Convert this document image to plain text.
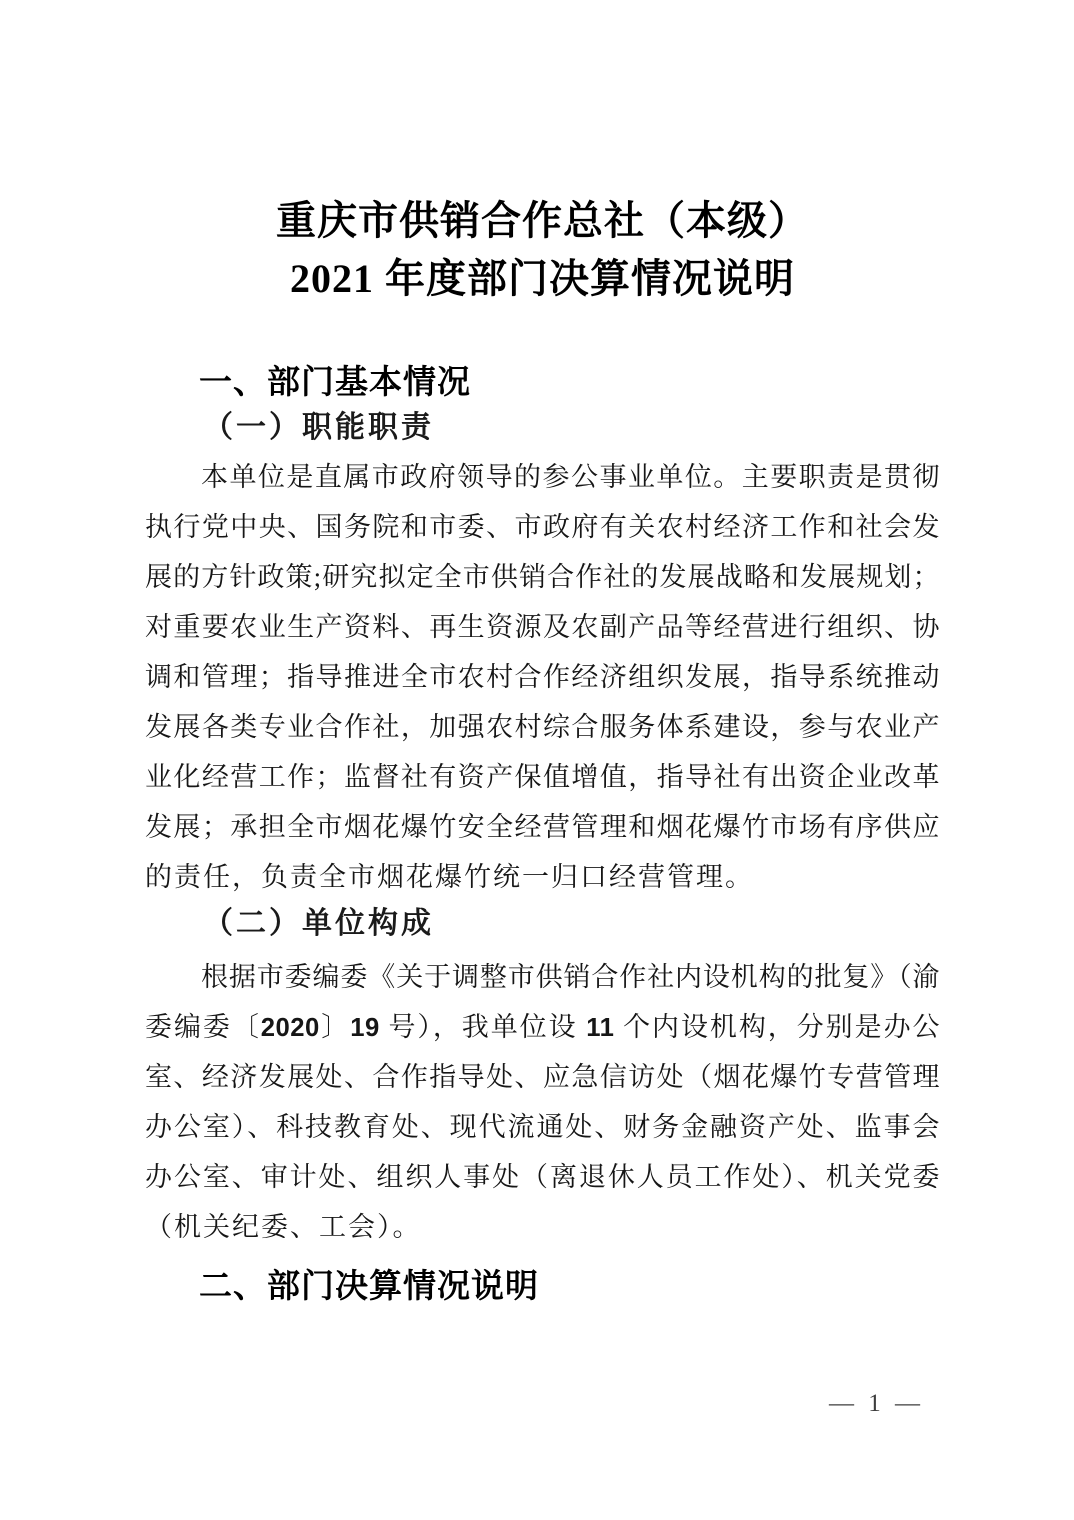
重庆市供销合作总社（本级）
2021 年度部门决算情况说明
一、部门基本情况
（一）职能职责
本单位是直属市政府领导的参公事业单位。主要职责是贯彻
执行党中央、国务院和市委、市政府有关农村经济工作和社会发
展的方针政策;研究拟定全市供销合作社的发展战略和发展规划；
对重要农业生产资料、再生资源及农副产品等经营进行组织、协
调和管理；指导推进全市农村合作经济组织发展，指导系统推动
发展各类专业合作社，加强农村综合服务体系建设，参与农业产
业化经营工作；监督社有资产保值增值，指导社有出资企业改革
发展；承担全市烟花爆竹安全经营管理和烟花爆竹市场有序供应
的责任，负责全市烟花爆竹统一归口经营管理。
（二）单位构成
根据市委编委《关于调整市供销合作社内设机构的批复》（渝
委编委〔2020〕19 号），我单位设 11 个内设机构，分别是办公
室、经济发展处、合作指导处、应急信访处（烟花爆竹专营管理
办公室）、科技教育处、现代流通处、财务金融资产处、监事会
办公室、审计处、组织人事处（离退休人员工作处）、机关党委
（机关纪委、工会）。
二、部门决算情况说明
— 1 —
